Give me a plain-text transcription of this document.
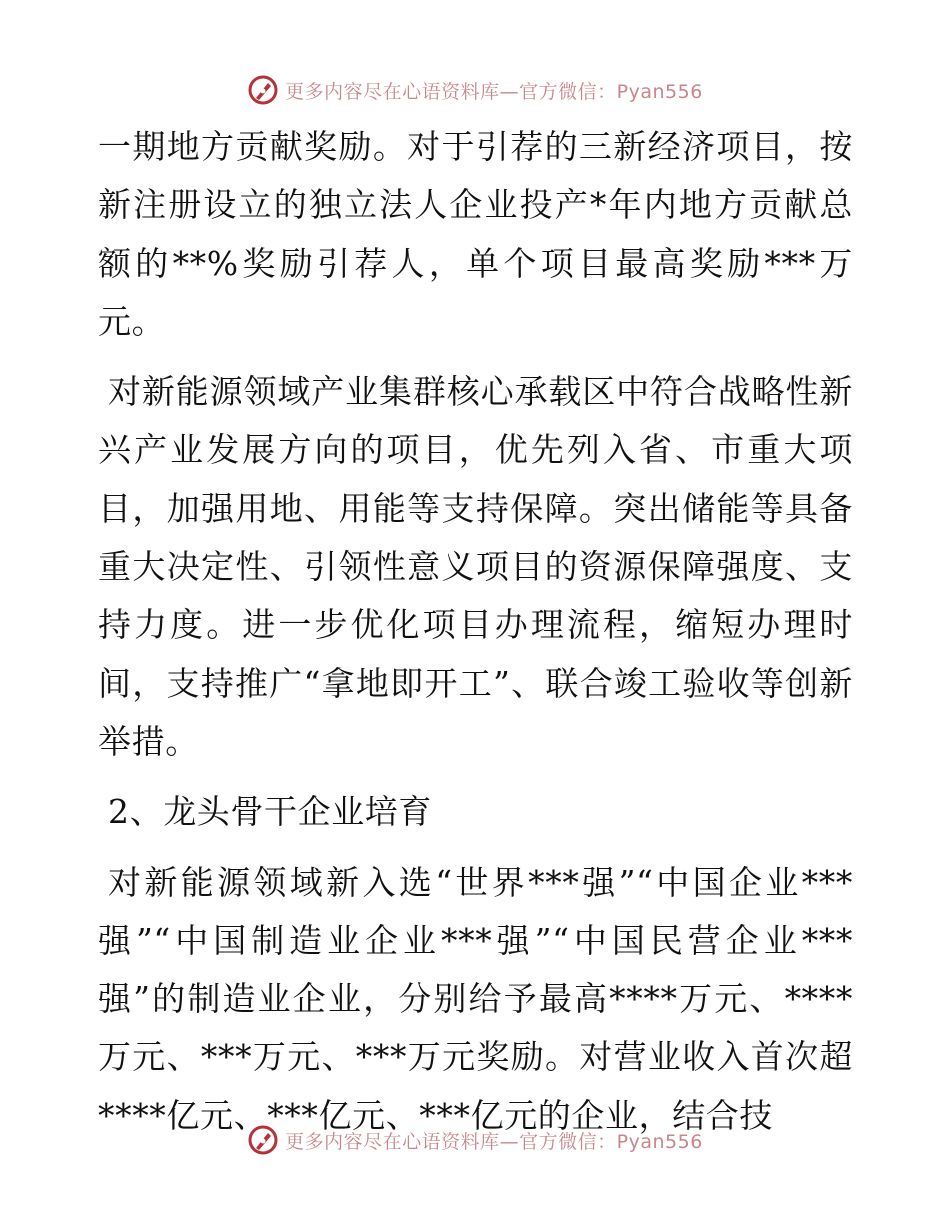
更多内容尽在心语资料库—官方微信：Pyan556

一期地方贡献奖励。对于引荐的三新经济项目，按新注册设立的独立法人企业投产*年内地方贡献总额的**%奖励引荐人，单个项目最高奖励***万元。

对新能源领域产业集群核心承载区中符合战略性新兴产业发展方向的项目，优先列入省、市重大项目，加强用地、用能等支持保障。突出储能等具备重大决定性、引领性意义项目的资源保障强度、支持力度。进一步优化项目办理流程，缩短办理时间，支持推广“拿地即开工”、联合竣工验收等创新举措。

2、龙头骨干企业培育

对新能源领域新入选“世界***强”“中国企业***强”“中国制造业企业***强”“中国民营企业***强”的制造业企业，分别给予最高****万元、****万元、***万元、***万元奖励。对营业收入首次超****亿元、***亿元、***亿元的企业，结合技

更多内容尽在心语资料库—官方微信：Pyan556
